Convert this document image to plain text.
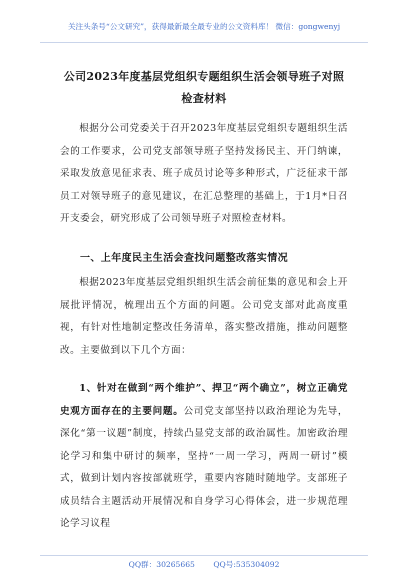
关注头条号“公文研究”，获得最新最全最专业的公文资料库！ 微信：gongwenyj
公司2023年度基层党组织专题组织生活会领导班子对照检查材料
根据分公司党委关于召开2023年度基层党组织专题组织生活会的工作要求，公司党支部领导班子坚持发扬民主、开门纳谏，采取发放意见征求表、班子成员讨论等多种形式，广泛征求干部员工对领导班子的意见建议，在汇总整理的基础上，于1月*日召开支委会，研究形成了公司领导班子对照检查材料。
一、上年度民主生活会查找问题整改落实情况
根据2023年度基层党组织组织生活会前征集的意见和会上开展批评情况，梳理出五个方面的问题。公司党支部对此高度重视，有针对性地制定整改任务清单，落实整改措施，推动问题整改。主要做到以下几个方面：
1、针对在做到“两个维护”、捍卫“两个确立”，树立正确党史观方面存在的主要问题。公司党支部坚持以政治理论为先导，深化“第一议题”制度，持续凸显党支部的政治属性。加密政治理论学习和集中研讨的频率，坚持“一周一学习，两周一研讨”模式，做到计划内容按部就班学，重要内容随时随地学。支部班子成员结合主题活动开展情况和自身学习心得体会，进一步规范理论学习议程
QQ群：30265665 QQ号:535304092
